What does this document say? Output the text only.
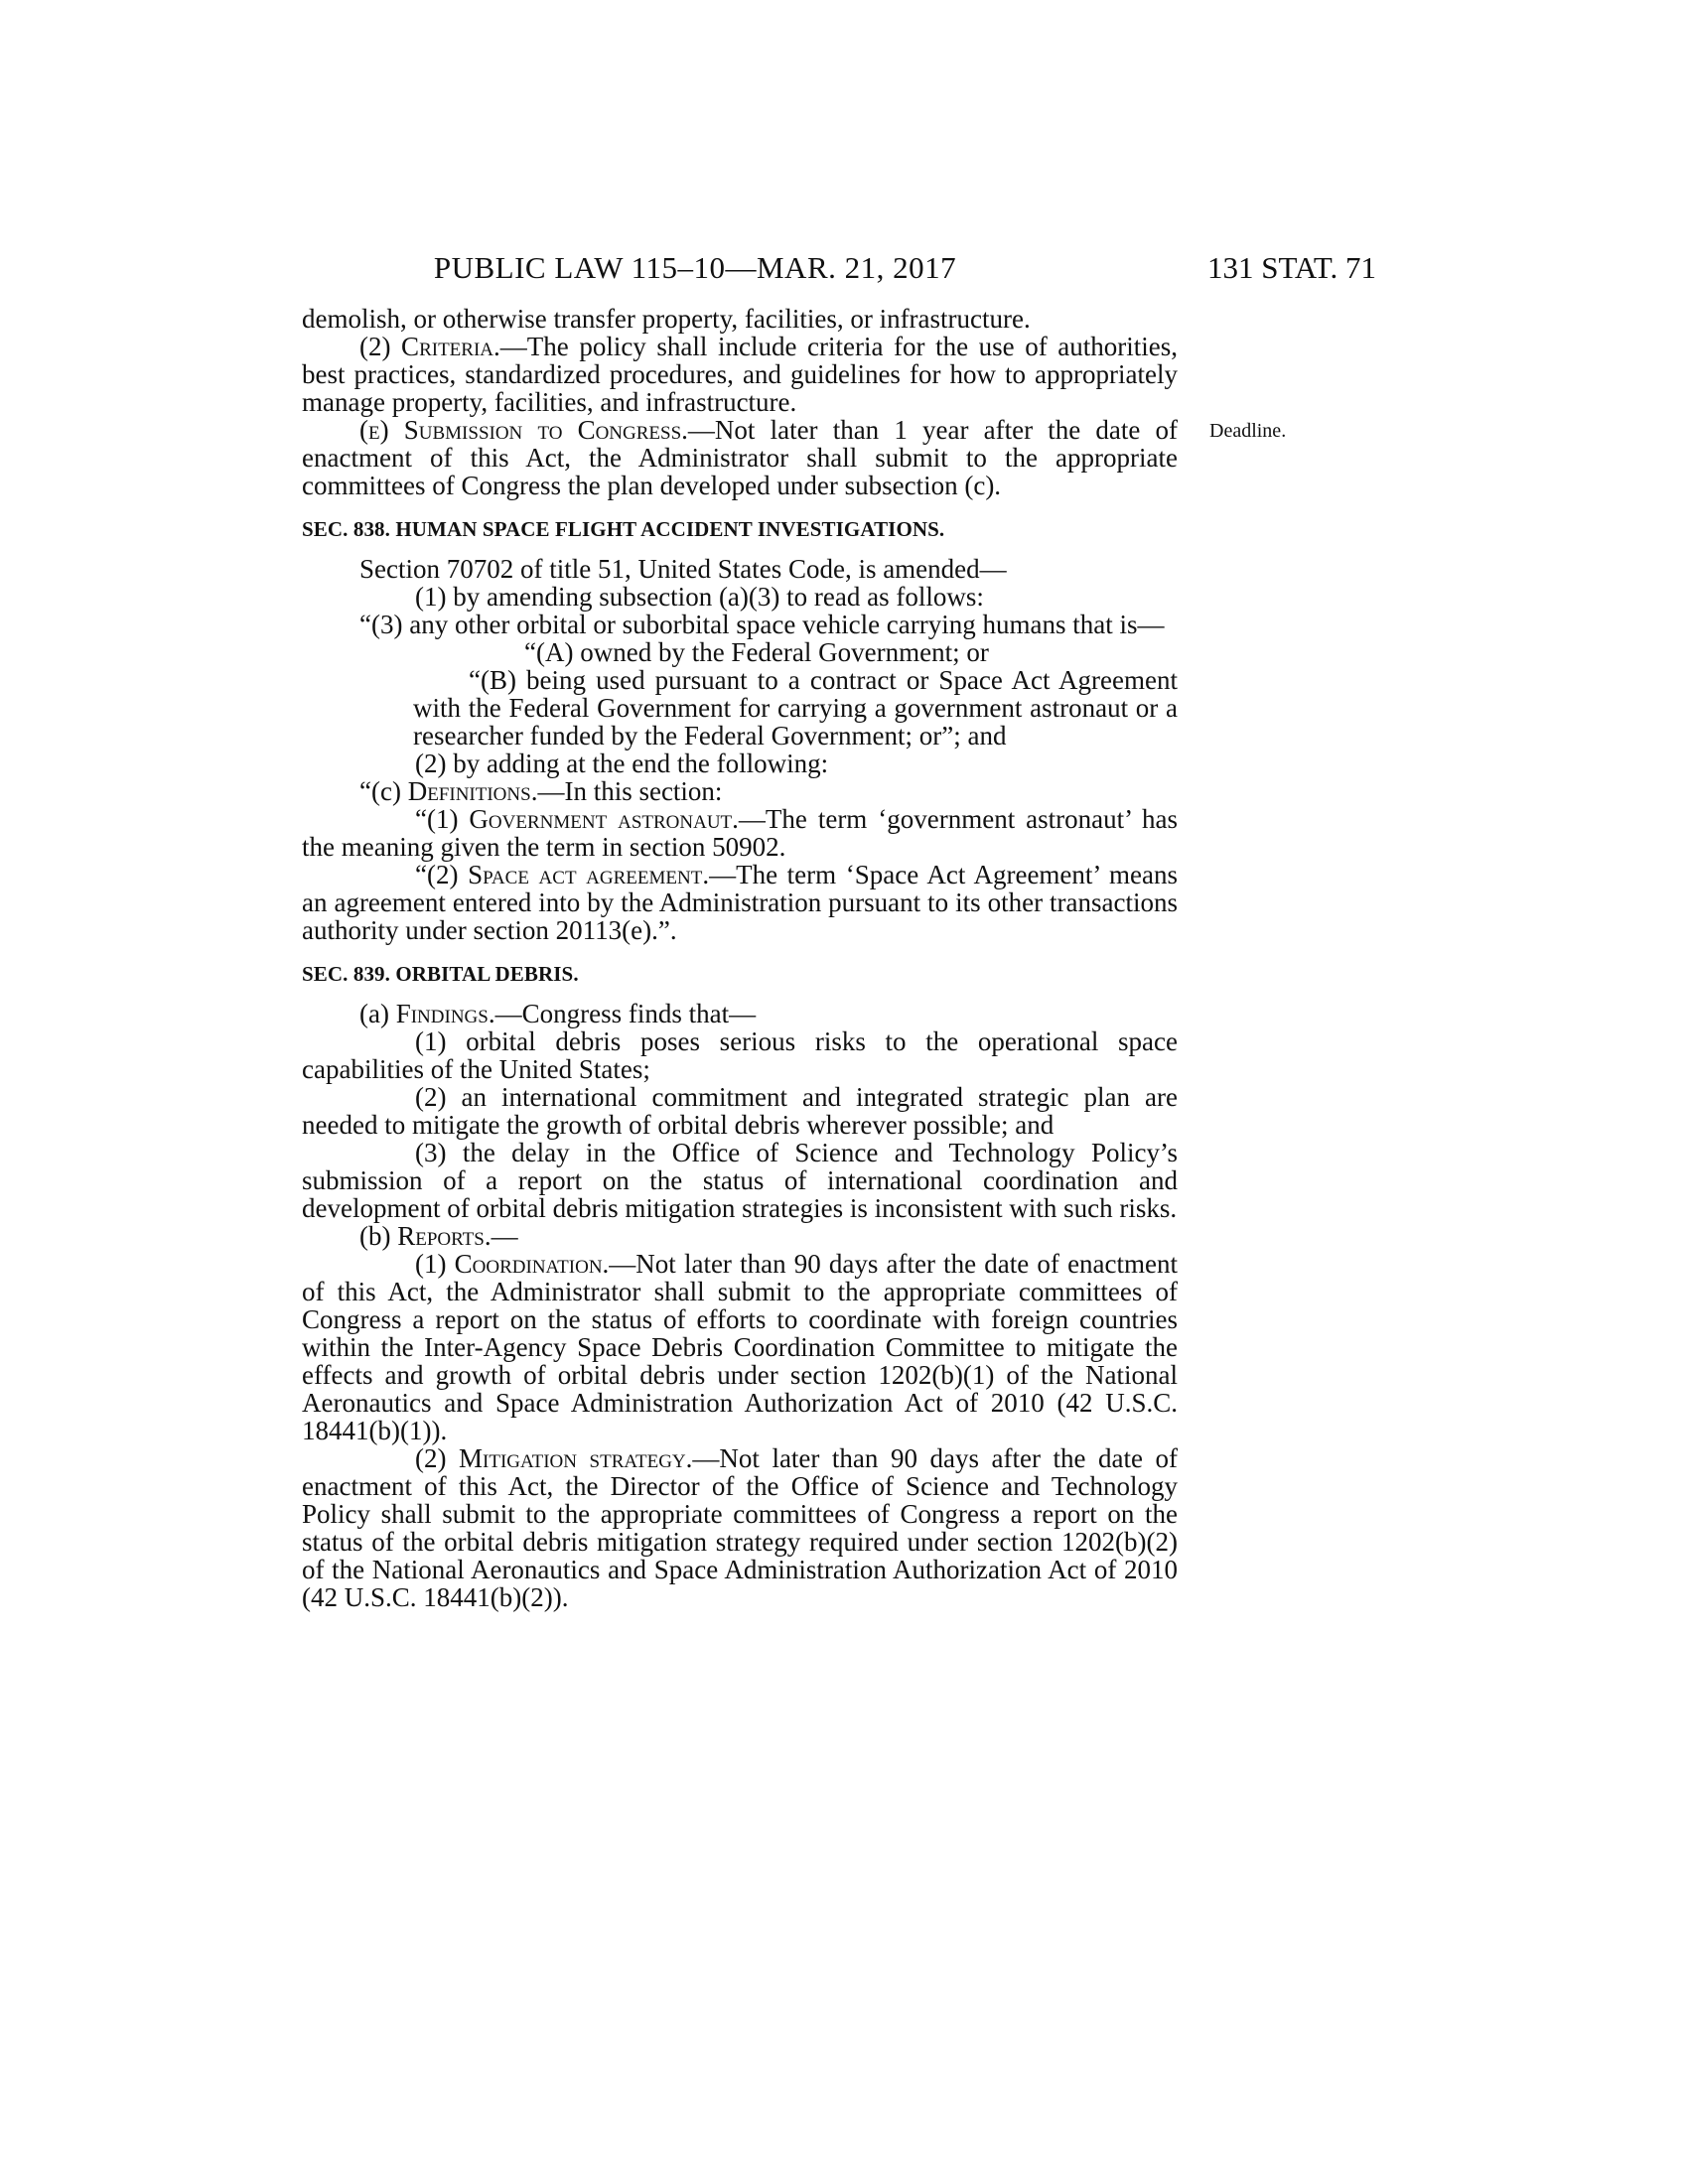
PUBLIC LAW 115–10—MAR. 21, 2017	131 STAT. 71

demolish, or otherwise transfer property, facilities, or infrastructure.

(2) Criteria.—The policy shall include criteria for the use of authorities, best practices, standardized procedures, and guidelines for how to appropriately manage property, facilities, and infrastructure.

(e) Submission to Congress.—Not later than 1 year after the date of enactment of this Act, the Administrator shall submit to the appropriate committees of Congress the plan developed under subsection (c).

Deadline.

SEC. 838. HUMAN SPACE FLIGHT ACCIDENT INVESTIGATIONS.

Section 70702 of title 51, United States Code, is amended—

(1) by amending subsection (a)(3) to read as follows:

“(3) any other orbital or suborbital space vehicle carrying humans that is—

“(A) owned by the Federal Government; or

“(B) being used pursuant to a contract or Space Act Agreement with the Federal Government for carrying a government astronaut or a researcher funded by the Federal Government; or”; and

(2) by adding at the end the following:

“(c) Definitions.—In this section:

“(1) Government astronaut.—The term ‘government astronaut’ has the meaning given the term in section 50902.

“(2) Space act agreement.—The term ‘Space Act Agreement’ means an agreement entered into by the Administration pursuant to its other transactions authority under section 20113(e).”.

SEC. 839. ORBITAL DEBRIS.

(a) Findings.—Congress finds that—

(1) orbital debris poses serious risks to the operational space capabilities of the United States;

(2) an international commitment and integrated strategic plan are needed to mitigate the growth of orbital debris wherever possible; and

(3) the delay in the Office of Science and Technology Policy’s submission of a report on the status of international coordination and development of orbital debris mitigation strategies is inconsistent with such risks.

(b) Reports.—

(1) Coordination.—Not later than 90 days after the date of enactment of this Act, the Administrator shall submit to the appropriate committees of Congress a report on the status of efforts to coordinate with foreign countries within the Inter-Agency Space Debris Coordination Committee to mitigate the effects and growth of orbital debris under section 1202(b)(1) of the National Aeronautics and Space Administration Authorization Act of 2010 (42 U.S.C. 18441(b)(1)).

(2) Mitigation strategy.—Not later than 90 days after the date of enactment of this Act, the Director of the Office of Science and Technology Policy shall submit to the appropriate committees of Congress a report on the status of the orbital debris mitigation strategy required under section 1202(b)(2) of the National Aeronautics and Space Administration Authorization Act of 2010 (42 U.S.C. 18441(b)(2)).
